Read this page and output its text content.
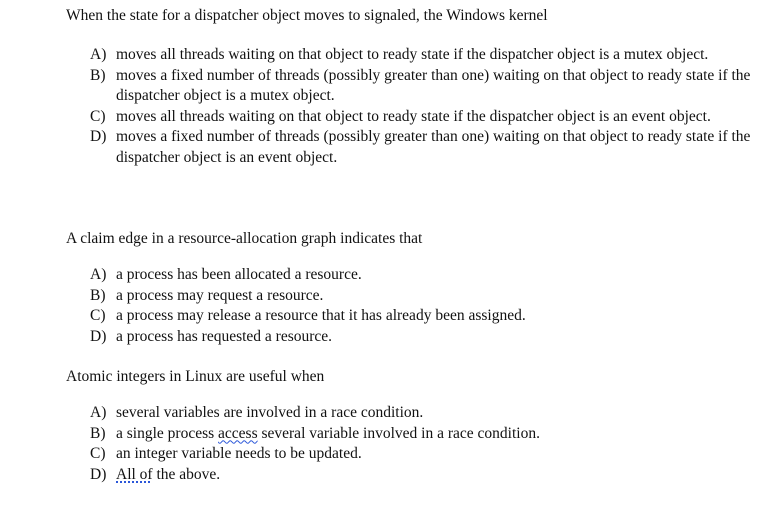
When the state for a dispatcher object moves to signaled, the Windows kernel

A) moves all threads waiting on that object to ready state if the dispatcher object is a mutex object.
B) moves a fixed number of threads (possibly greater than one) waiting on that object to ready state if the dispatcher object is a mutex object.
C) moves all threads waiting on that object to ready state if the dispatcher object is an event object.
D) moves a fixed number of threads (possibly greater than one) waiting on that object to ready state if the dispatcher object is an event object.

A claim edge in a resource-allocation graph indicates that

A) a process has been allocated a resource.
B) a process may request a resource.
C) a process may release a resource that it has already been assigned.
D) a process has requested a resource.

Atomic integers in Linux are useful when

A) several variables are involved in a race condition.
B) a single process access several variable involved in a race condition.
C) an integer variable needs to be updated.
D) All of the above.
